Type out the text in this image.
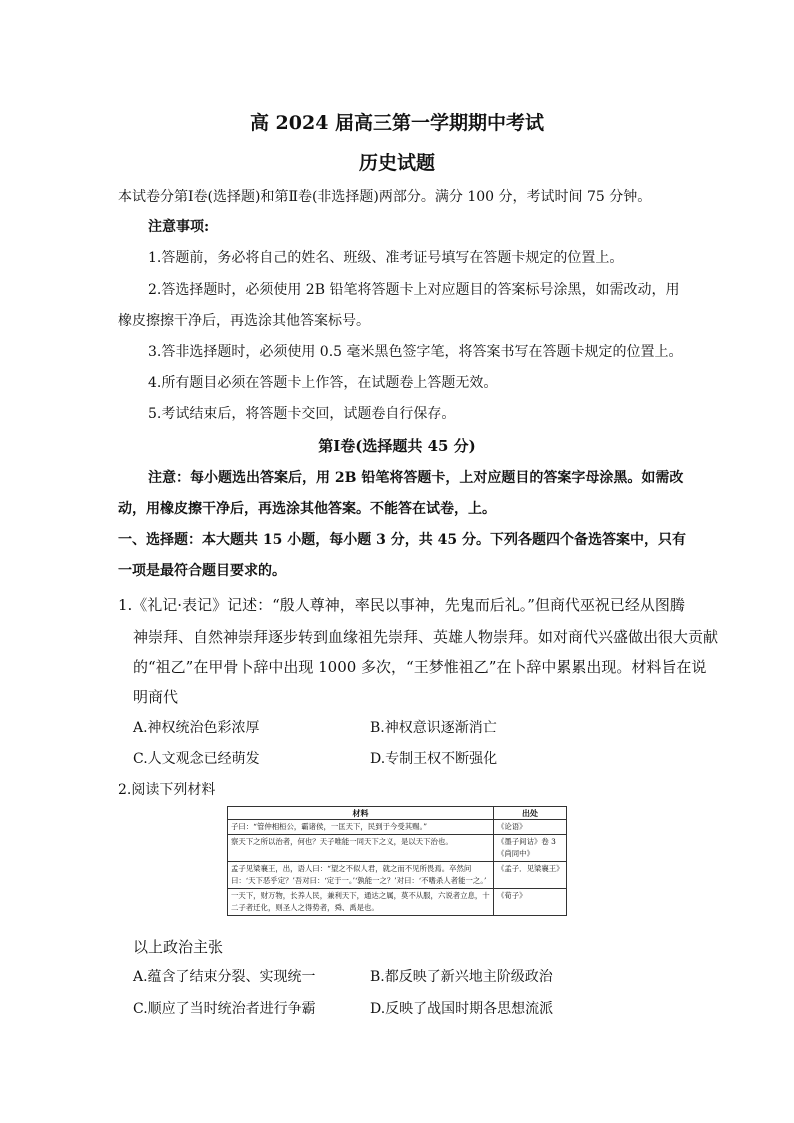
高 2024 届高三第一学期期中考试
历史试题
本试卷分第Ⅰ卷(选择题)和第Ⅱ卷(非选择题)两部分。满分 100 分，考试时间 75 分钟。
注意事项:
1.答题前，务必将自己的姓名、班级、准考证号填写在答题卡规定的位置上。
2.答选择题时，必须使用 2B 铅笔将答题卡上对应题目的答案标号涂黑，如需改动，用
橡皮擦擦干净后，再选涂其他答案标号。
3.答非选择题时，必须使用 0.5 毫米黑色签字笔，将答案书写在答题卡规定的位置上。
4.所有题目必须在答题卡上作答，在试题卷上答题无效。
5.考试结束后，将答题卡交回，试题卷自行保存。
第Ⅰ卷(选择题共 45 分)
注意：每小题选出答案后，用 2B 铅笔将答题卡，上对应题目的答案字母涂黑。如需改
动，用橡皮擦干净后，再选涂其他答案。不能答在试卷，上。
一、选择题：本大题共 15 小题，每小题 3 分，共 45 分。下列各题四个备选答案中，只有
一项是最符合题目要求的。
1.《礼记·表记》记述：“殷人尊神，率民以事神，先鬼而后礼。”但商代巫祝已经从图腾
神崇拜、自然神崇拜逐步转到血缘祖先崇拜、英雄人物崇拜。如对商代兴盛做出很大贡献
的“祖乙”在甲骨卜辞中出现 1000 多次，“王梦惟祖乙”在卜辞中累累出现。材料旨在说
明商代
A.神权统治色彩浓厚	B.神权意识逐渐消亡
C.人文观念已经萌发	D.专制王权不断强化
2.阅读下列材料
材料	出处
子曰：“管仲相桓公，霸诸侯，一匡天下，民到于今受其赐。”	《论语》
察天下之所以治者，何也？天子唯能一同天下之义，是以天下治也。	《墨子间诂》卷 3《尚同中》
孟子见梁襄王，出，语人曰：“望之不似人君，就之而不见所畏焉。卒然问曰：‘天下恶乎定？’吾对曰：‘定于一。’‘孰能一之？’对曰：‘不嗜杀人者能一之。’	《孟子．见梁襄王》
一天下，财万物，长养人民，兼利天下，通达之属，莫不从服，六说者立息，十二子者迁化，则圣人之得势者，舜、禹是也。	《荀子》
以上政治主张
A.蕴含了结束分裂、实现统一	B.都反映了新兴地主阶级政治
C.顺应了当时统治者进行争霸	D.反映了战国时期各思想流派
